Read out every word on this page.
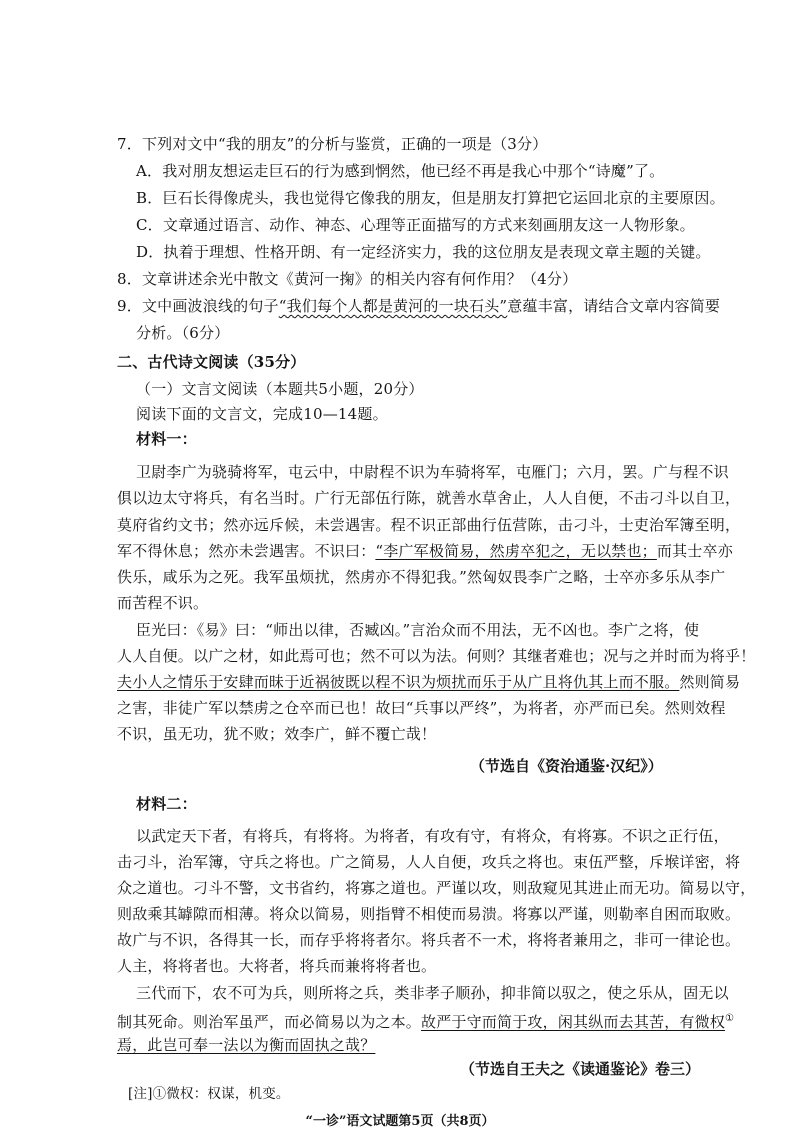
7．下列对文中“我的朋友”的分析与鉴赏，正确的一项是（3分）
A．我对朋友想运走巨石的行为感到惘然，他已经不再是我心中那个“诗魔”了。
B．巨石长得像虎头，我也觉得它像我的朋友，但是朋友打算把它运回北京的主要原因。
C．文章通过语言、动作、神态、心理等正面描写的方式来刻画朋友这一人物形象。
D．执着于理想、性格开朗、有一定经济实力，我的这位朋友是表现文章主题的关键。
8．文章讲述余光中散文《黄河一掬》的相关内容有何作用？（4分）
9．文中画波浪线的句子“我们每个人都是黄河的一块石头”意蕴丰富，请结合文章内容简要
分析。（6分）
二、古代诗文阅读（35分）
（一）文言文阅读（本题共5小题，20分）
阅读下面的文言文，完成10—14题。
材料一：
卫尉李广为骁骑将军，屯云中，中尉程不识为车骑将军，屯雁门；六月，罢。广与程不识
俱以边太守将兵，有名当时。广行无部伍行陈，就善水草舍止，人人自便，不击刁斗以自卫，
莫府省约文书；然亦远斥候，未尝遇害。程不识正部曲行伍营陈，击刁斗，士吏治军簿至明，
军不得休息；然亦未尝遇害。不识曰：“李广军极简易，然虏卒犯之，无以禁也；而其士卒亦
佚乐，咸乐为之死。我军虽烦扰，然虏亦不得犯我。”然匈奴畏李广之略，士卒亦多乐从李广
而苦程不识。
臣光曰：《易》曰：“师出以律，否臧凶。”言治众而不用法，无不凶也。李广之将，使
人人自便。以广之材，如此焉可也；然不可以为法。何则？其继者难也；况与之并时而为将乎！
夫小人之情乐于安肆而昧于近祸彼既以程不识为烦扰而乐于从广且将仇其上而不服。然则简易
之害，非徒广军以禁虏之仓卒而已也！故曰“兵事以严终”，为将者，亦严而已矣。然则效程
不识，虽无功，犹不败；效李广，鲜不覆亡哉！
（节选自《资治通鉴·汉纪》）
材料二：
以武定天下者，有将兵，有将将。为将者，有攻有守，有将众，有将寡。不识之正行伍，
击刁斗，治军簿，守兵之将也。广之简易，人人自便，攻兵之将也。束伍严整，斥堠详密，将
众之道也。刁斗不警，文书省约，将寡之道也。严谨以攻，则敌窥见其进止而无功。简易以守，
则敌乘其罅隙而相薄。将众以简易，则指臂不相使而易溃。将寡以严谨，则勒率自困而取败。
故广与不识，各得其一长，而存乎将将者尔。将兵者不一术，将将者兼用之，非可一律论也。
人主，将将者也。大将者，将兵而兼将将者也。
三代而下，农不可为兵，则所将之兵，类非孝子顺孙，抑非简以驭之，使之乐从，固无以
制其死命。则治军虽严，而必简易以为之本。故严于守而简于攻，闲其纵而去其苦，有微权①
焉，此岂可奉一法以为衡而固执之哉？
（节选自王夫之《读通鉴论》卷三）
[注]①微权：权谋，机变。
“一诊”语文试题第5页（共8页）
